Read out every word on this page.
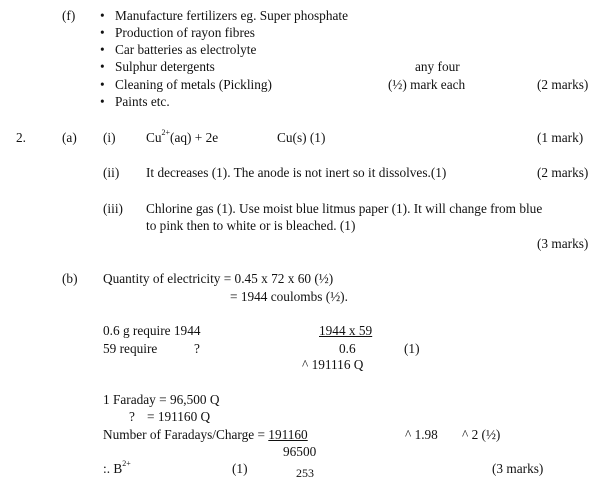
(f)	• Manufacture fertilizers eg. Super phosphate
• Production of rayon fibres
• Car batteries as electrolyte
• Sulphur detergents
• Cleaning of metals (Pickling)
• Paints etc.
any four
(½) mark each	(2 marks)
2.	(a) (i) $Cu^{2+}(aq) + 2e$	Cu(s) (1)	(1 mark)
(ii) It decreases (1). The anode is not inert so it dissolves.(1)	(2 marks)
(iii) Chlorine gas (1). Use moist blue litmus paper (1). It will change from blue
to pink then to white or is bleached. (1)
(3 marks)
(b) Quantity of electricity = 0.45 x 72 x 60 (½)
= 1944 coulombs (½).
0.6 g require 1944
59 require	?
1944 x 59
0.6	(1)
^ 191116 Q
1 Faraday = 96,500 Q
? = 191160 Q
Number of Faradays/Charge = 191160
96500
^ 1.98 ^ 2 (½)
:. $B^{2+}$	(1)	(3 marks)
253
